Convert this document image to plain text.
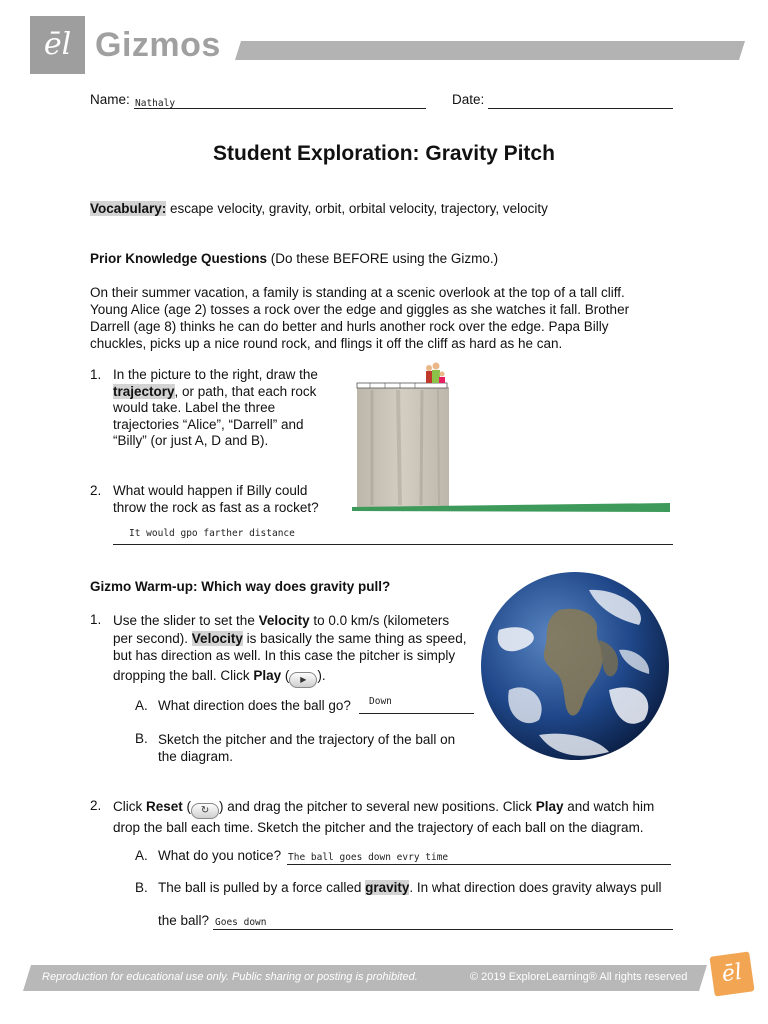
ēl Gizmos
Name: Nathaly	Date:
Student Exploration: Gravity Pitch
Vocabulary: escape velocity, gravity, orbit, orbital velocity, trajectory, velocity
Prior Knowledge Questions (Do these BEFORE using the Gizmo.)

On their summer vacation, a family is standing at a scenic overlook at the top of a tall cliff.

Young Alice (age 2) tosses a rock over the edge and giggles as she watches it fall. Brother

Darrell (age 8) thinks he can do better and hurls another rock over the edge. Papa Billy

chuckles, picks up a nice round rock, and flings it off the cliff as hard as he can.

1. In the picture to the right, draw the

trajectory, or path, that each rock

would take. Label the three

trajectories “Alice”, “Darrell” and

“Billy” (or just A, D and B).

2. What would happen if Billy could

throw the rock as fast as a rocket?

It would gpo farther distance
Gizmo Warm-up: Which way does gravity pull?
1. Use the slider to set the Velocity to 0.0 km/s (kilometers

per second). Velocity is basically the same thing as speed,

but has direction as well. In this case the pitcher is simply

dropping the ball. Click Play ( ▶ ).

A. What direction does the ball go? Down
B. Sketch the pitcher and the trajectory of the ball on

the diagram.

2. Click Reset ( ↻ ) and drag the pitcher to several new positions. Click Play and watch him

drop the ball each time. Sketch the pitcher and the trajectory of each ball on the diagram.

A. What do you notice? The ball goes down evry time
B. The ball is pulled by a force called gravity. In what direction does gravity always pull
the ball? Goes down
Reproduction for educational use only. Public sharing or posting is prohibited.	© 2019 ExploreLearning® All rights reserved	ēl
